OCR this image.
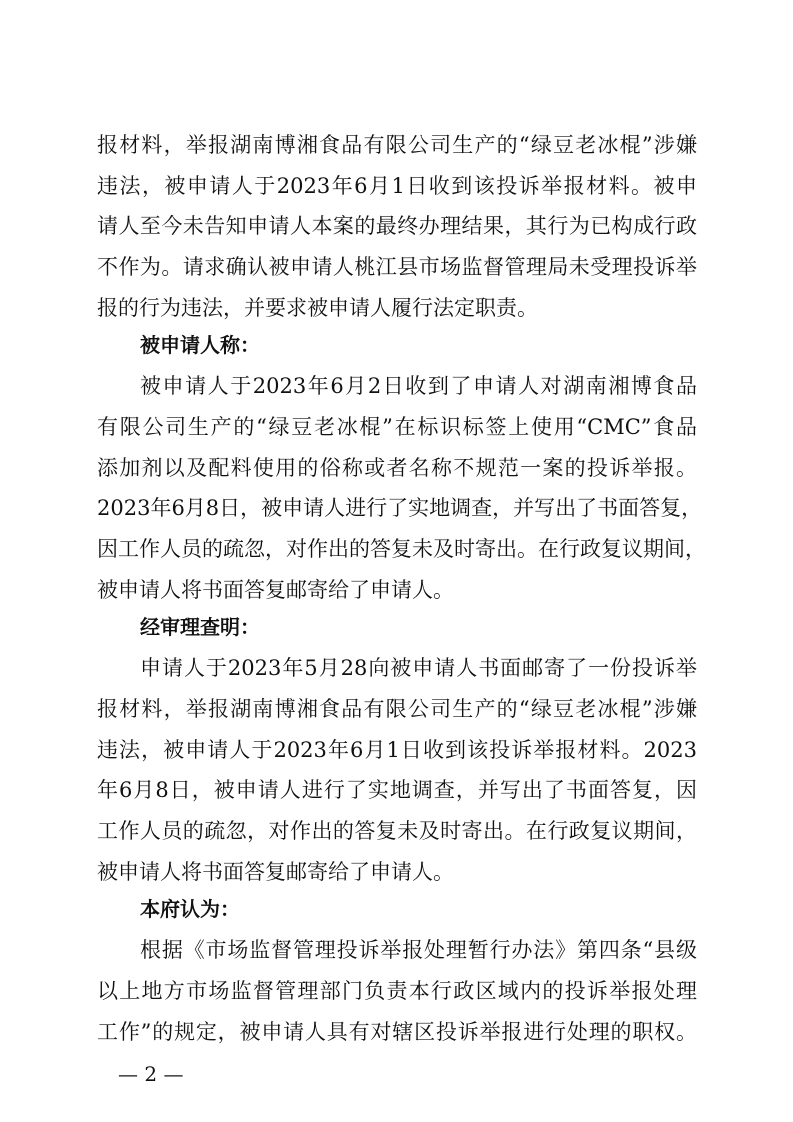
报材料，举报湖南博湘食品有限公司生产的“绿豆老冰棍”涉嫌
违法，被申请人于2023年6月1日收到该投诉举报材料。被申
请人至今未告知申请人本案的最终办理结果，其行为已构成行政
不作为。请求确认被申请人桃江县市场监督管理局未受理投诉举
报的行为违法，并要求被申请人履行法定职责。
被申请人称：
被申请人于2023年6月2日收到了申请人对湖南湘博食品
有限公司生产的“绿豆老冰棍”在标识标签上使用“CMC”食品
添加剂以及配料使用的俗称或者名称不规范一案的投诉举报。
2023年6月8日，被申请人进行了实地调查，并写出了书面答复，
因工作人员的疏忽，对作出的答复未及时寄出。在行政复议期间，
被申请人将书面答复邮寄给了申请人。
经审理查明：
申请人于2023年5月28向被申请人书面邮寄了一份投诉举
报材料，举报湖南博湘食品有限公司生产的“绿豆老冰棍”涉嫌
违法，被申请人于2023年6月1日收到该投诉举报材料。2023
年6月8日，被申请人进行了实地调查，并写出了书面答复，因
工作人员的疏忽，对作出的答复未及时寄出。在行政复议期间，
被申请人将书面答复邮寄给了申请人。
本府认为：
根据《市场监督管理投诉举报处理暂行办法》第四条“县级
以上地方市场监督管理部门负责本行政区域内的投诉举报处理
工作”的规定，被申请人具有对辖区投诉举报进行处理的职权。
— 2 —
